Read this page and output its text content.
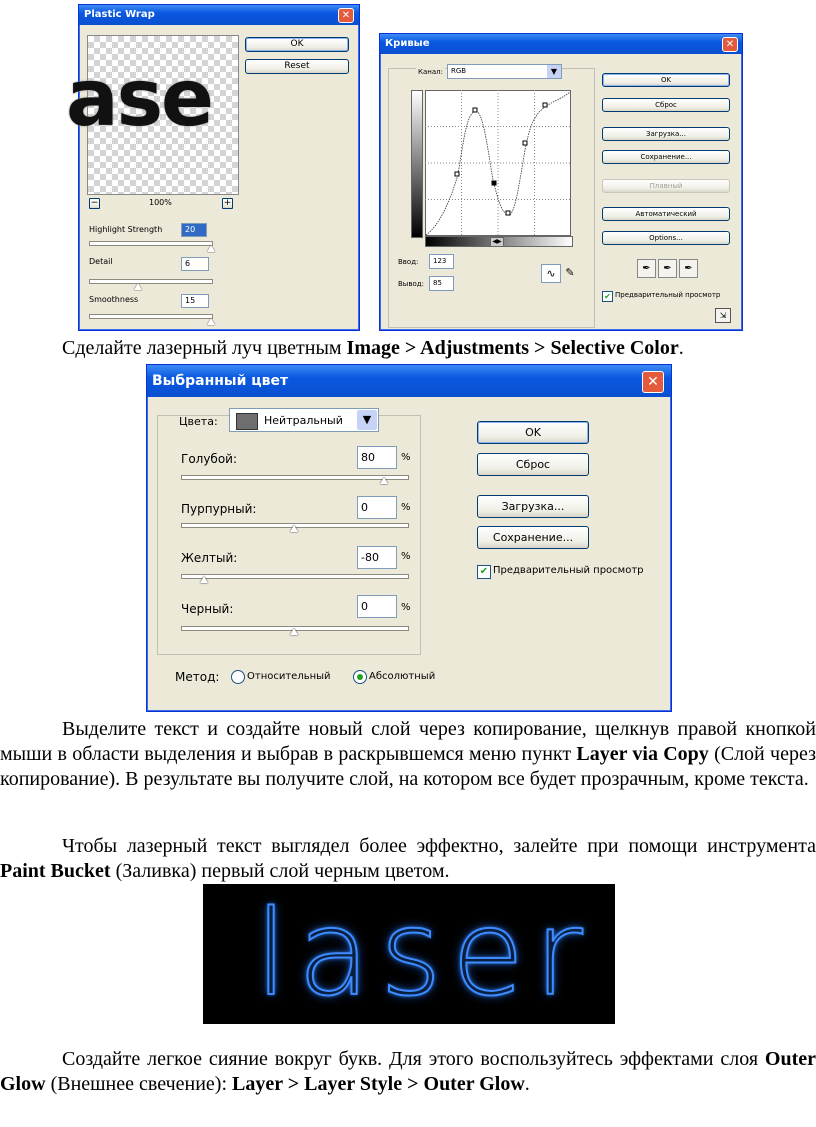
Plastic Wrap	✕
ase
OK
Reset
−	100%	+
Highlight Strength	20
Detail	6
Smoothness	15
Кривые	✕
Канал:	RGB	▼
◀▶
Ввод:	123
Вывод:	85
∿ ✎
OK
Сброс
Загрузка...
Сохранение...
Плавный
Автоматический
Options...
✒	✒	✒
✔ Предварительный просмотр
⇲
Сделайте лазерный луч цветным Image > Adjustments > Selective Color.
Выбранный цвет	✕
Цвета:	Нейтральный	▼
Голубой:	80	%
Пурпурный:	0	%
Желтый:	-80	%
Черный:	0	%
OK
Сброс
Загрузка...
Сохранение...
✔ Предварительный просмотр
Метод:	Относительный	Абсолютный
Выделите текст и создайте новый слой через копирование, щелкнув правой кнопкой мыши в области выделения и выбрав в раскрывшемся меню пункт Layer via Copy (Слой через копирование). В результате вы получите слой, на котором все будет прозрачным, кроме текста.
Чтобы лазерный текст выглядел более эффектно, залейте при помощи инструмента Paint Bucket (Заливка) первый слой черным цветом.
laser
Создайте легкое сияние вокруг букв. Для этого воспользуйтесь эффектами слоя Outer Glow (Внешнее свечение): Layer > Layer Style > Outer Glow.
